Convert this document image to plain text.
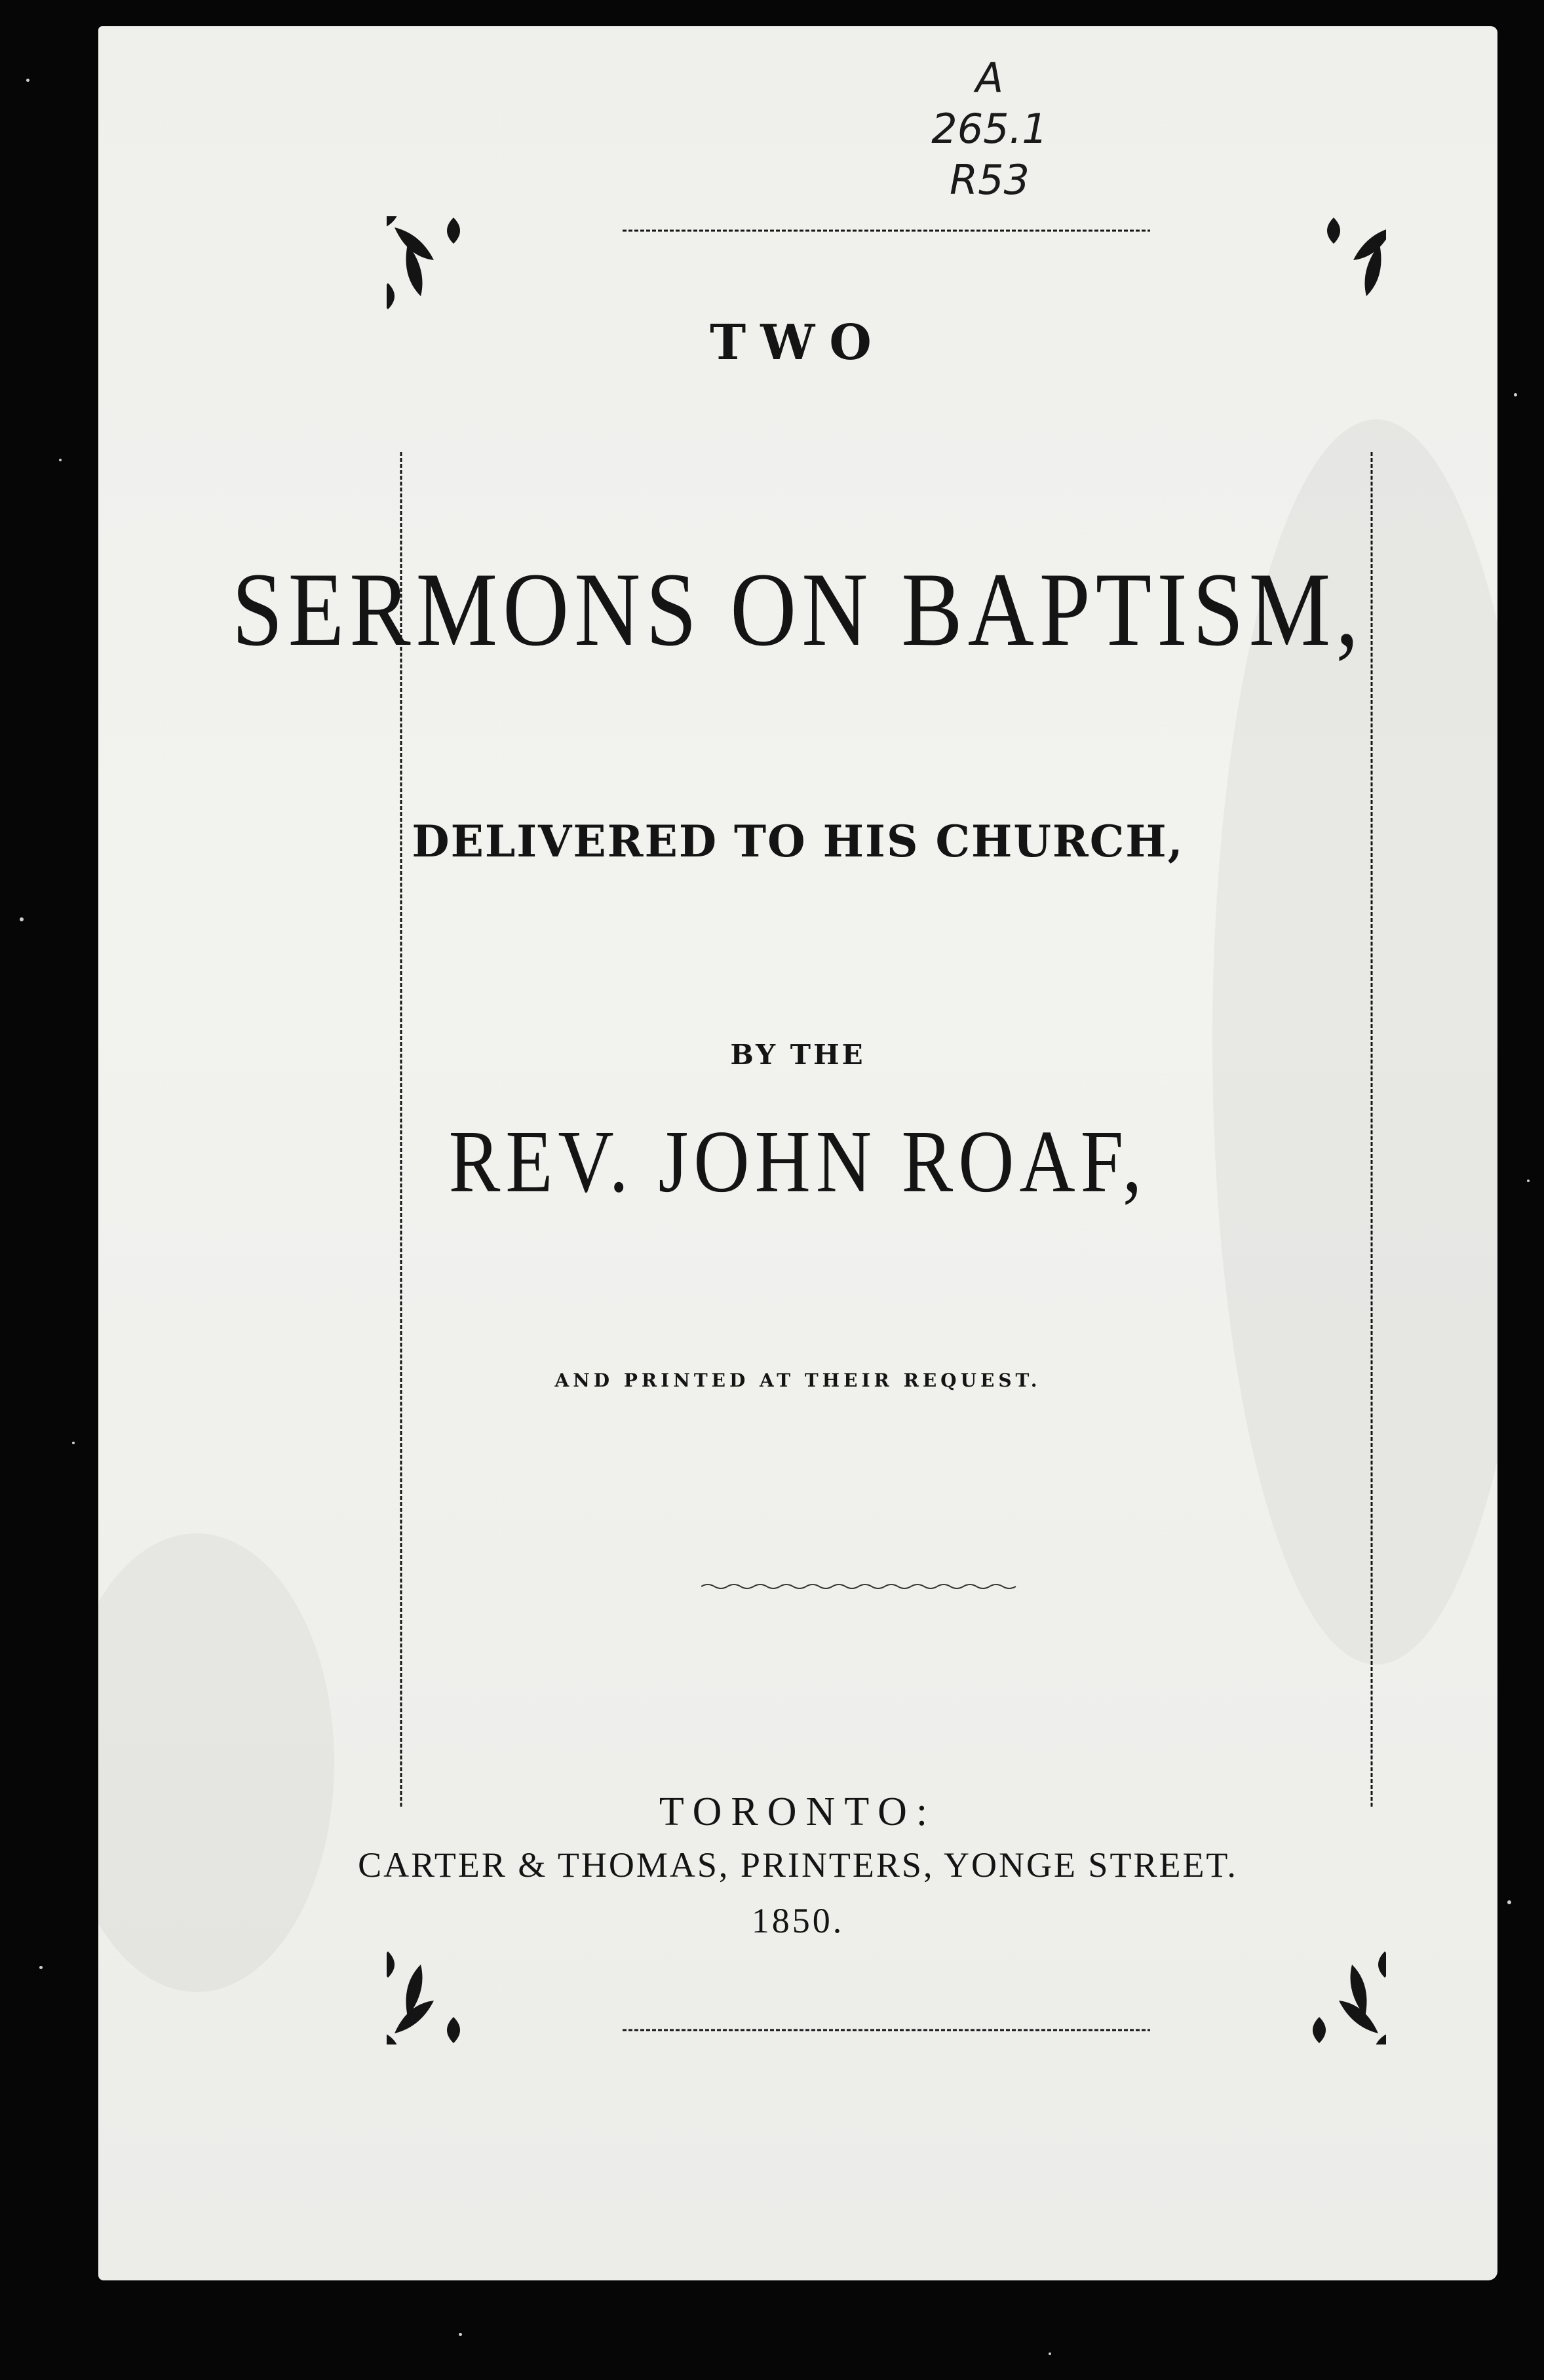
A
265.1
R53
TWO
SERMONS ON BAPTISM,
DELIVERED TO HIS CHURCH,
BY THE
REV. JOHN ROAF,
AND PRINTED AT THEIR REQUEST.
TORONTO:
CARTER & THOMAS, PRINTERS, YONGE STREET.
1850.
